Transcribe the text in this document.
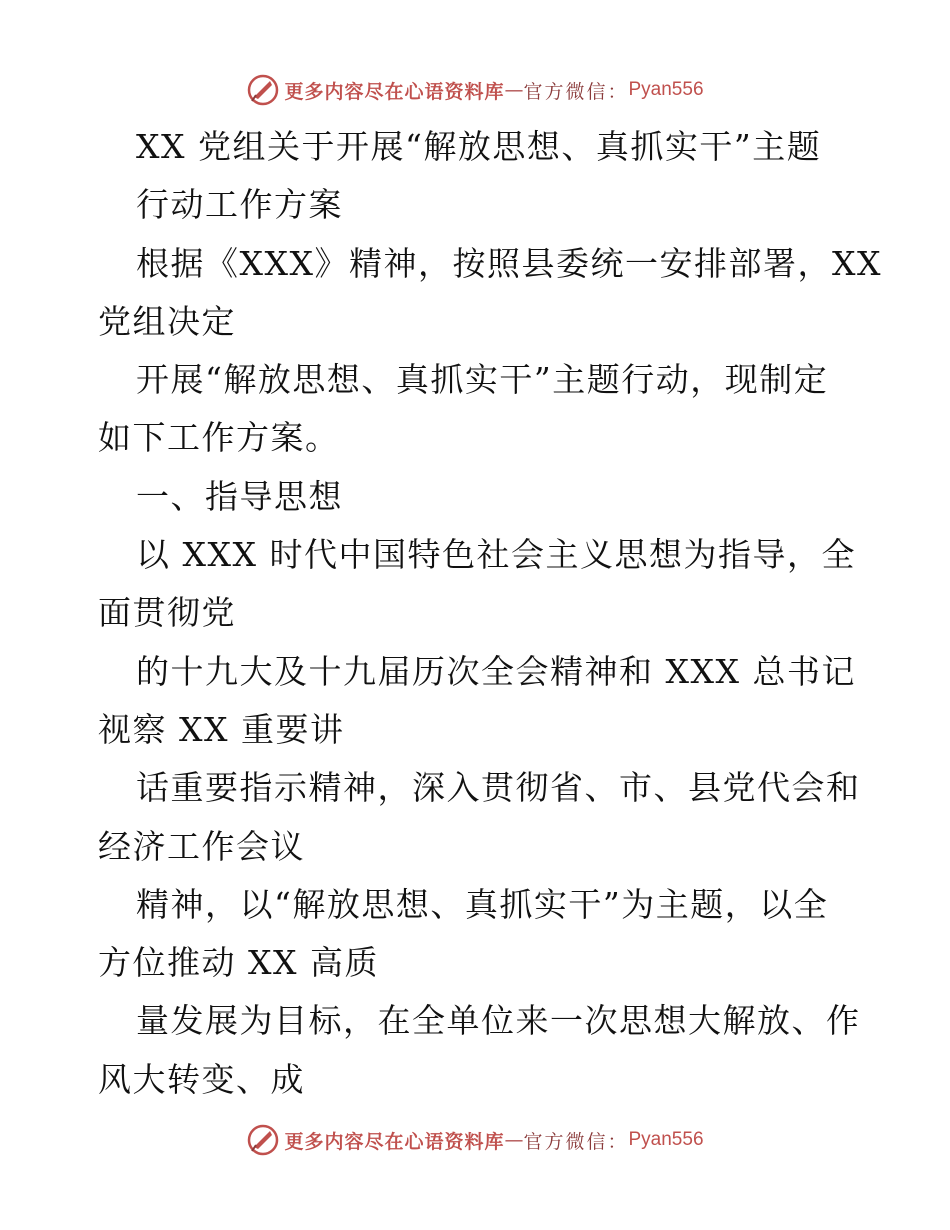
更多内容尽在心语资料库 — 官方微信： Pyan556
XX 党组关于开展“解放思想、真抓实干”主题
行动工作方案
根据《XXX》精神，按照县委统一安排部署，XX
党组决定
开展“解放思想、真抓实干”主题行动，现制定
如下工作方案。
一、指导思想
以 XXX 时代中国特色社会主义思想为指导，全
面贯彻党
的十九大及十九届历次全会精神和 XXX 总书记
视察 XX 重要讲
话重要指示精神，深入贯彻省、市、县党代会和
经济工作会议
精神，以“解放思想、真抓实干”为主题，以全
方位推动 XX 高质
量发展为目标，在全单位来一次思想大解放、作
风大转变、成
更多内容尽在心语资料库 — 官方微信： Pyan556
